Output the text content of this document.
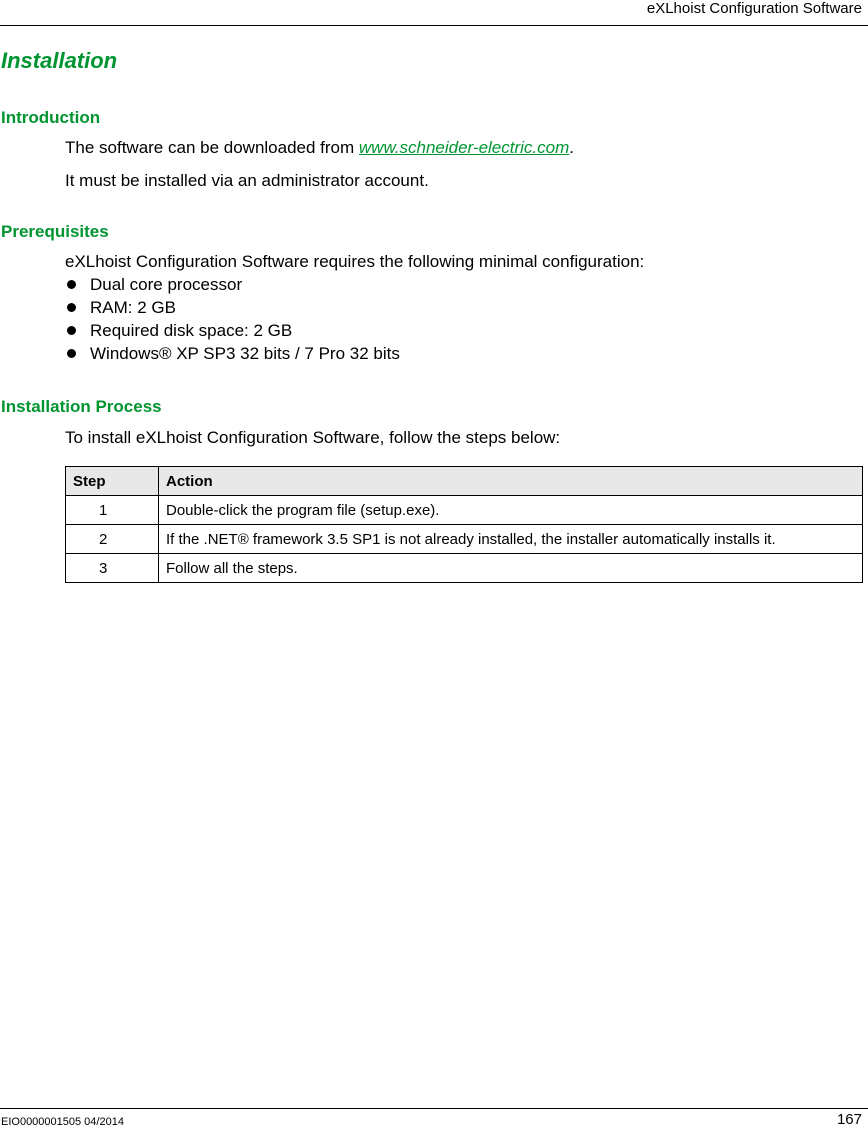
eXLhoist Configuration Software
Installation
Introduction
The software can be downloaded from www.schneider-electric.com.
It must be installed via an administrator account.
Prerequisites
eXLhoist Configuration Software requires the following minimal configuration:
Dual core processor
RAM: 2 GB
Required disk space: 2 GB
Windows® XP SP3 32 bits / 7 Pro 32 bits
Installation Process
To install eXLhoist Configuration Software, follow the steps below:
Step	Action
1	Double-click the program file (setup.exe).
2	If the .NET® framework 3.5 SP1 is not already installed, the installer automatically installs it.
3	Follow all the steps.
EIO0000001505 04/2014	167
